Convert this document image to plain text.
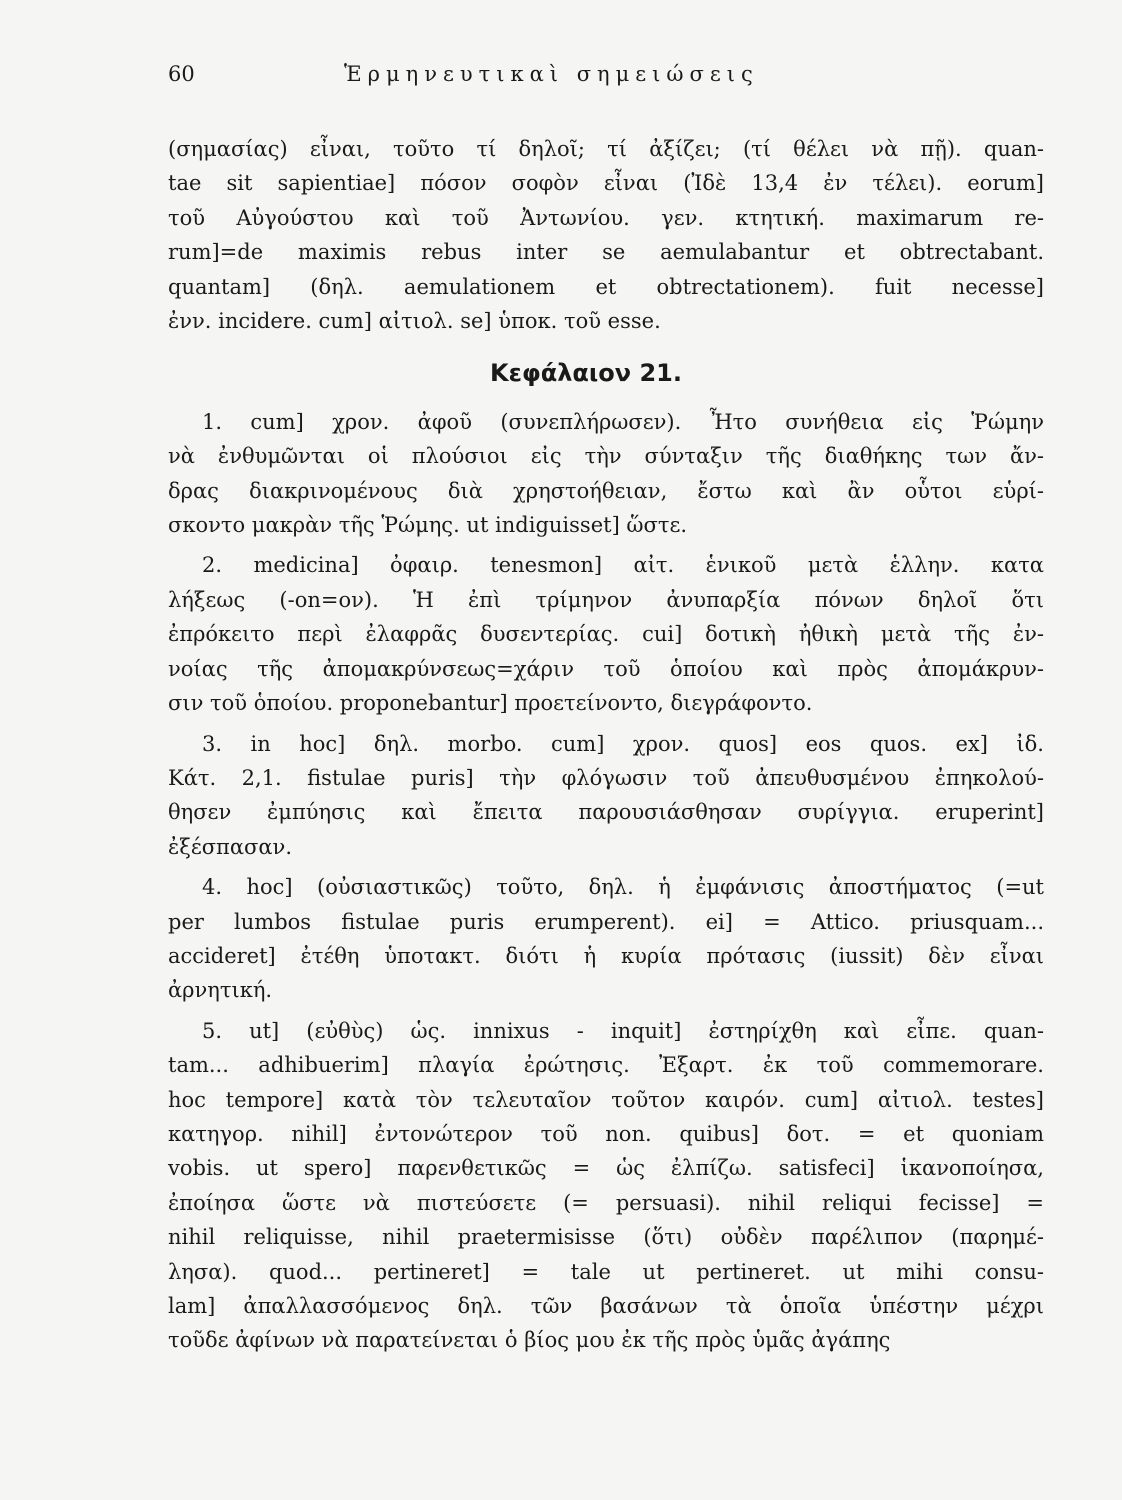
60	Ἑρμηνευτικαὶ σημειώσεις
(σημασίας) εἶναι, τοῦτο τί δηλοῖ; τί ἀξίζει; (τί θέλει νὰ πῇ). quan-
tae sit sapientiae] πόσον σοφὸν εἶναι (Ἰδὲ 13,4 ἐν τέλει). eorum]
τοῦ Αὐγούστου καὶ τοῦ Ἀντωνίου. γεν. κτητική. maximarum re-
rum]=de maximis rebus inter se aemulabantur et obtrectabant.
quantam] (δηλ. aemulationem et obtrectationem). fuit necesse]
ἐνν. incidere. cum] αἰτιολ. se] ὑποκ. τοῦ esse.
Κεφάλαιον 21.
1. cum] χρον. ἀφοῦ (συνεπλήρωσεν). Ἦτο συνήθεια εἰς Ῥώμην
νὰ ἐνθυμῶνται οἱ πλούσιοι εἰς τὴν σύνταξιν τῆς διαθήκης των ἄν-
δρας διακρινομένους διὰ χρηστοήθειαν, ἔστω καὶ ἂν οὗτοι εὑρί-
σκοντο μακρὰν τῆς Ῥώμης. ut indiguisset] ὥστε.
2. medicina] ὀφαιρ. tenesmon] αἰτ. ἑνικοῦ μετὰ ἑλλην. κατα
λήξεως (-on=ον). Ἡ ἐπὶ τρίμηνον ἀνυπαρξία πόνων δηλοῖ ὅτι
ἐπρόκειτο περὶ ἐλαφρᾶς δυσεντερίας. cui] δοτικὴ ἠθικὴ μετὰ τῆς ἐν-
νοίας τῆς ἀπομακρύνσεως=χάριν τοῦ ὁποίου καὶ πρὸς ἀπομάκρυν-
σιν τοῦ ὁποίου. proponebantur] προετείνοντο, διεγράφοντο.
3. in hoc] δηλ. morbo. cum] χρον. quos] eos quos. ex] ἰδ.
Κάτ. 2,1. fistulae puris] τὴν φλόγωσιν τοῦ ἀπευθυσμένου ἐπηκολού-
θησεν ἐμπύησις καὶ ἔπειτα παρουσιάσθησαν συρίγγια. eruperint]
ἐξέσπασαν.
4. hoc] (οὐσιαστικῶς) τοῦτο, δηλ. ἡ ἐμφάνισις ἀποστήματος (=ut
per lumbos fistulae puris erumperent). ei] = Attico. priusquam...
accideret] ἐτέθη ὑποτακτ. διότι ἡ κυρία πρότασις (iussit) δὲν εἶναι
ἀρνητική.
5. ut] (εὐθὺς) ὡς. innixus - inquit] ἐστηρίχθη καὶ εἶπε. quan-
tam... adhibuerim] πλαγία ἐρώτησις. Ἐξαρτ. ἐκ τοῦ commemorare.
hoc tempore] κατὰ τὸν τελευταῖον τοῦτον καιρόν. cum] αἰτιολ. testes]
κατηγορ. nihil] ἐντονώτερον τοῦ non. quibus] δοτ. = et quoniam
vobis. ut spero] παρενθετικῶς = ὡς ἐλπίζω. satisfeci] ἱκανοποίησα,
ἐποίησα ὥστε νὰ πιστεύσετε (= persuasi). nihil reliqui fecisse] =
nihil reliquisse, nihil praetermisisse (ὅτι) οὐδὲν παρέλιπον (παρημέ-
λησα). quod... pertineret] = tale ut pertineret. ut mihi consu-
lam] ἀπαλλασσόμενος δηλ. τῶν βασάνων τὰ ὁποῖα ὑπέστην μέχρι
τοῦδε ἀφίνων νὰ παρατείνεται ὁ βίος μου ἐκ τῆς πρὸς ὑμᾶς ἀγάπης
